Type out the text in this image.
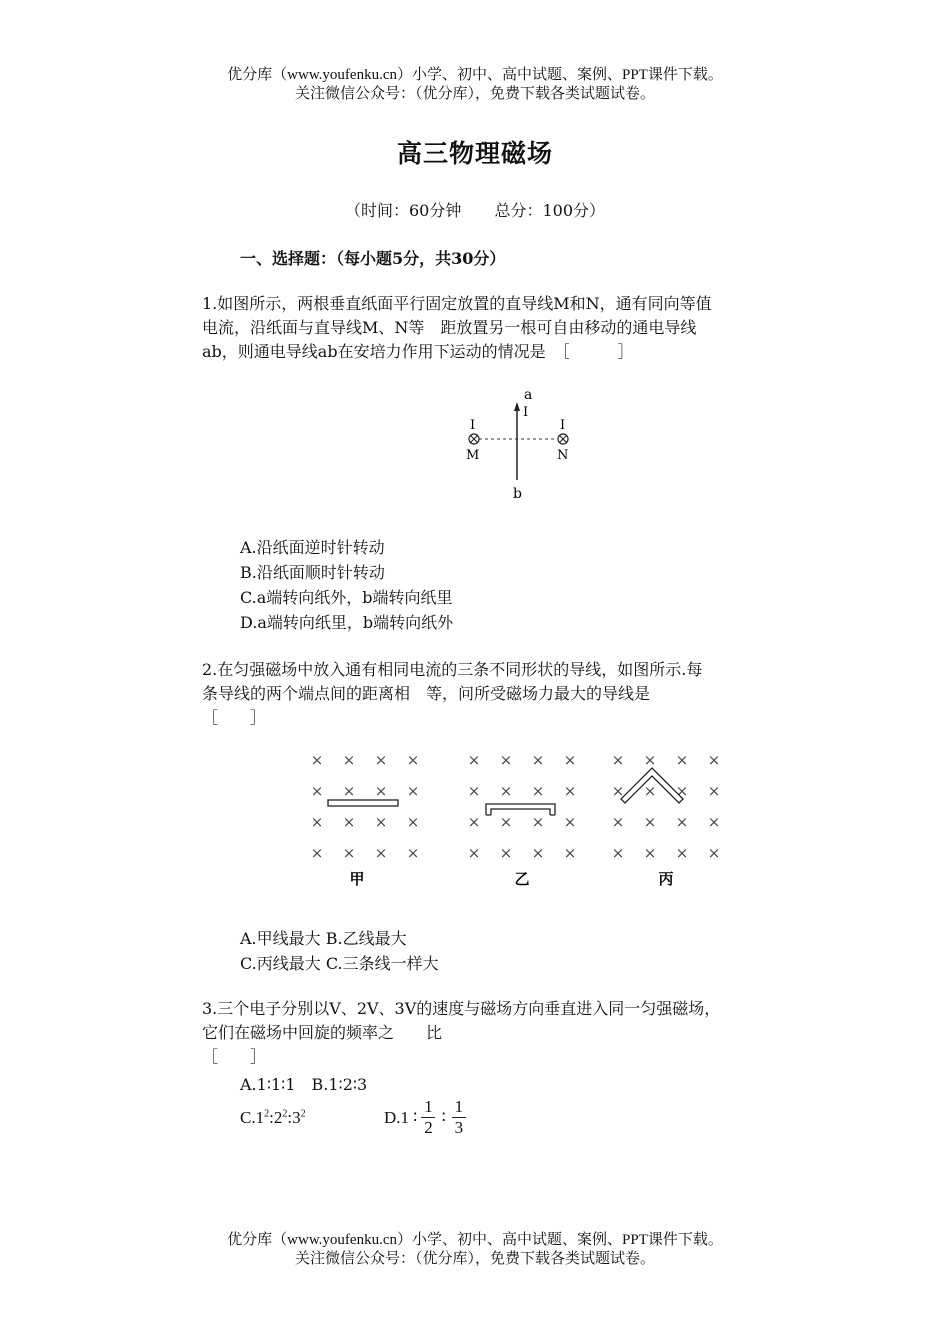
优分库（www.youfenku.cn）小学、初中、高中试题、案例、PPT课件下载。
关注微信公众号：（优分库），免费下载各类试题试卷。
高三物理磁场
（时间：60分钟 总分：100分）
一、选择题：（每小题5分，共30分）
1.如图所示，两根垂直纸面平行固定放置的直导线M和N，通有同向等值
电流，沿纸面与直导线M、N等　距放置另一根可自由移动的通电导线
ab，则通电导线ab在安培力作用下运动的情况是　［　　　］
a
I
I	I
M	N
b
A.沿纸面逆时针转动
B.沿纸面顺时针转动
C.a端转向纸外，b端转向纸里
D.a端转向纸里，b端转向纸外
2.在匀强磁场中放入通有相同电流的三条不同形状的导线，如图所示.每
条导线的两个端点间的距离相　等，问所受磁场力最大的导线是
［　　］
×
×
×
×
×
×
×
×
×
×
×
×
×
×
×
×
×
×
×
×
×
×
×
×
×
×
×
×
×
×
×
×
×
×
×
×
×
×
×
×
×
×
×
×
×
×
×
×
甲	乙	丙
A.甲线最大 B.乙线最大
C.丙线最大 C.三条线一样大
3.三个电子分别以V、2V、3V的速度与磁场方向垂直进入同一匀强磁场，
它们在磁场中回旋的频率之　　比
［　　］
A.1∶1∶1　B.1∶2∶3
$C.1^2:2^2:3^2$	D. 1 ∶
1
2
∶
1
3
优分库（www.youfenku.cn）小学、初中、高中试题、案例、PPT课件下载。
关注微信公众号：（优分库），免费下载各类试题试卷。
